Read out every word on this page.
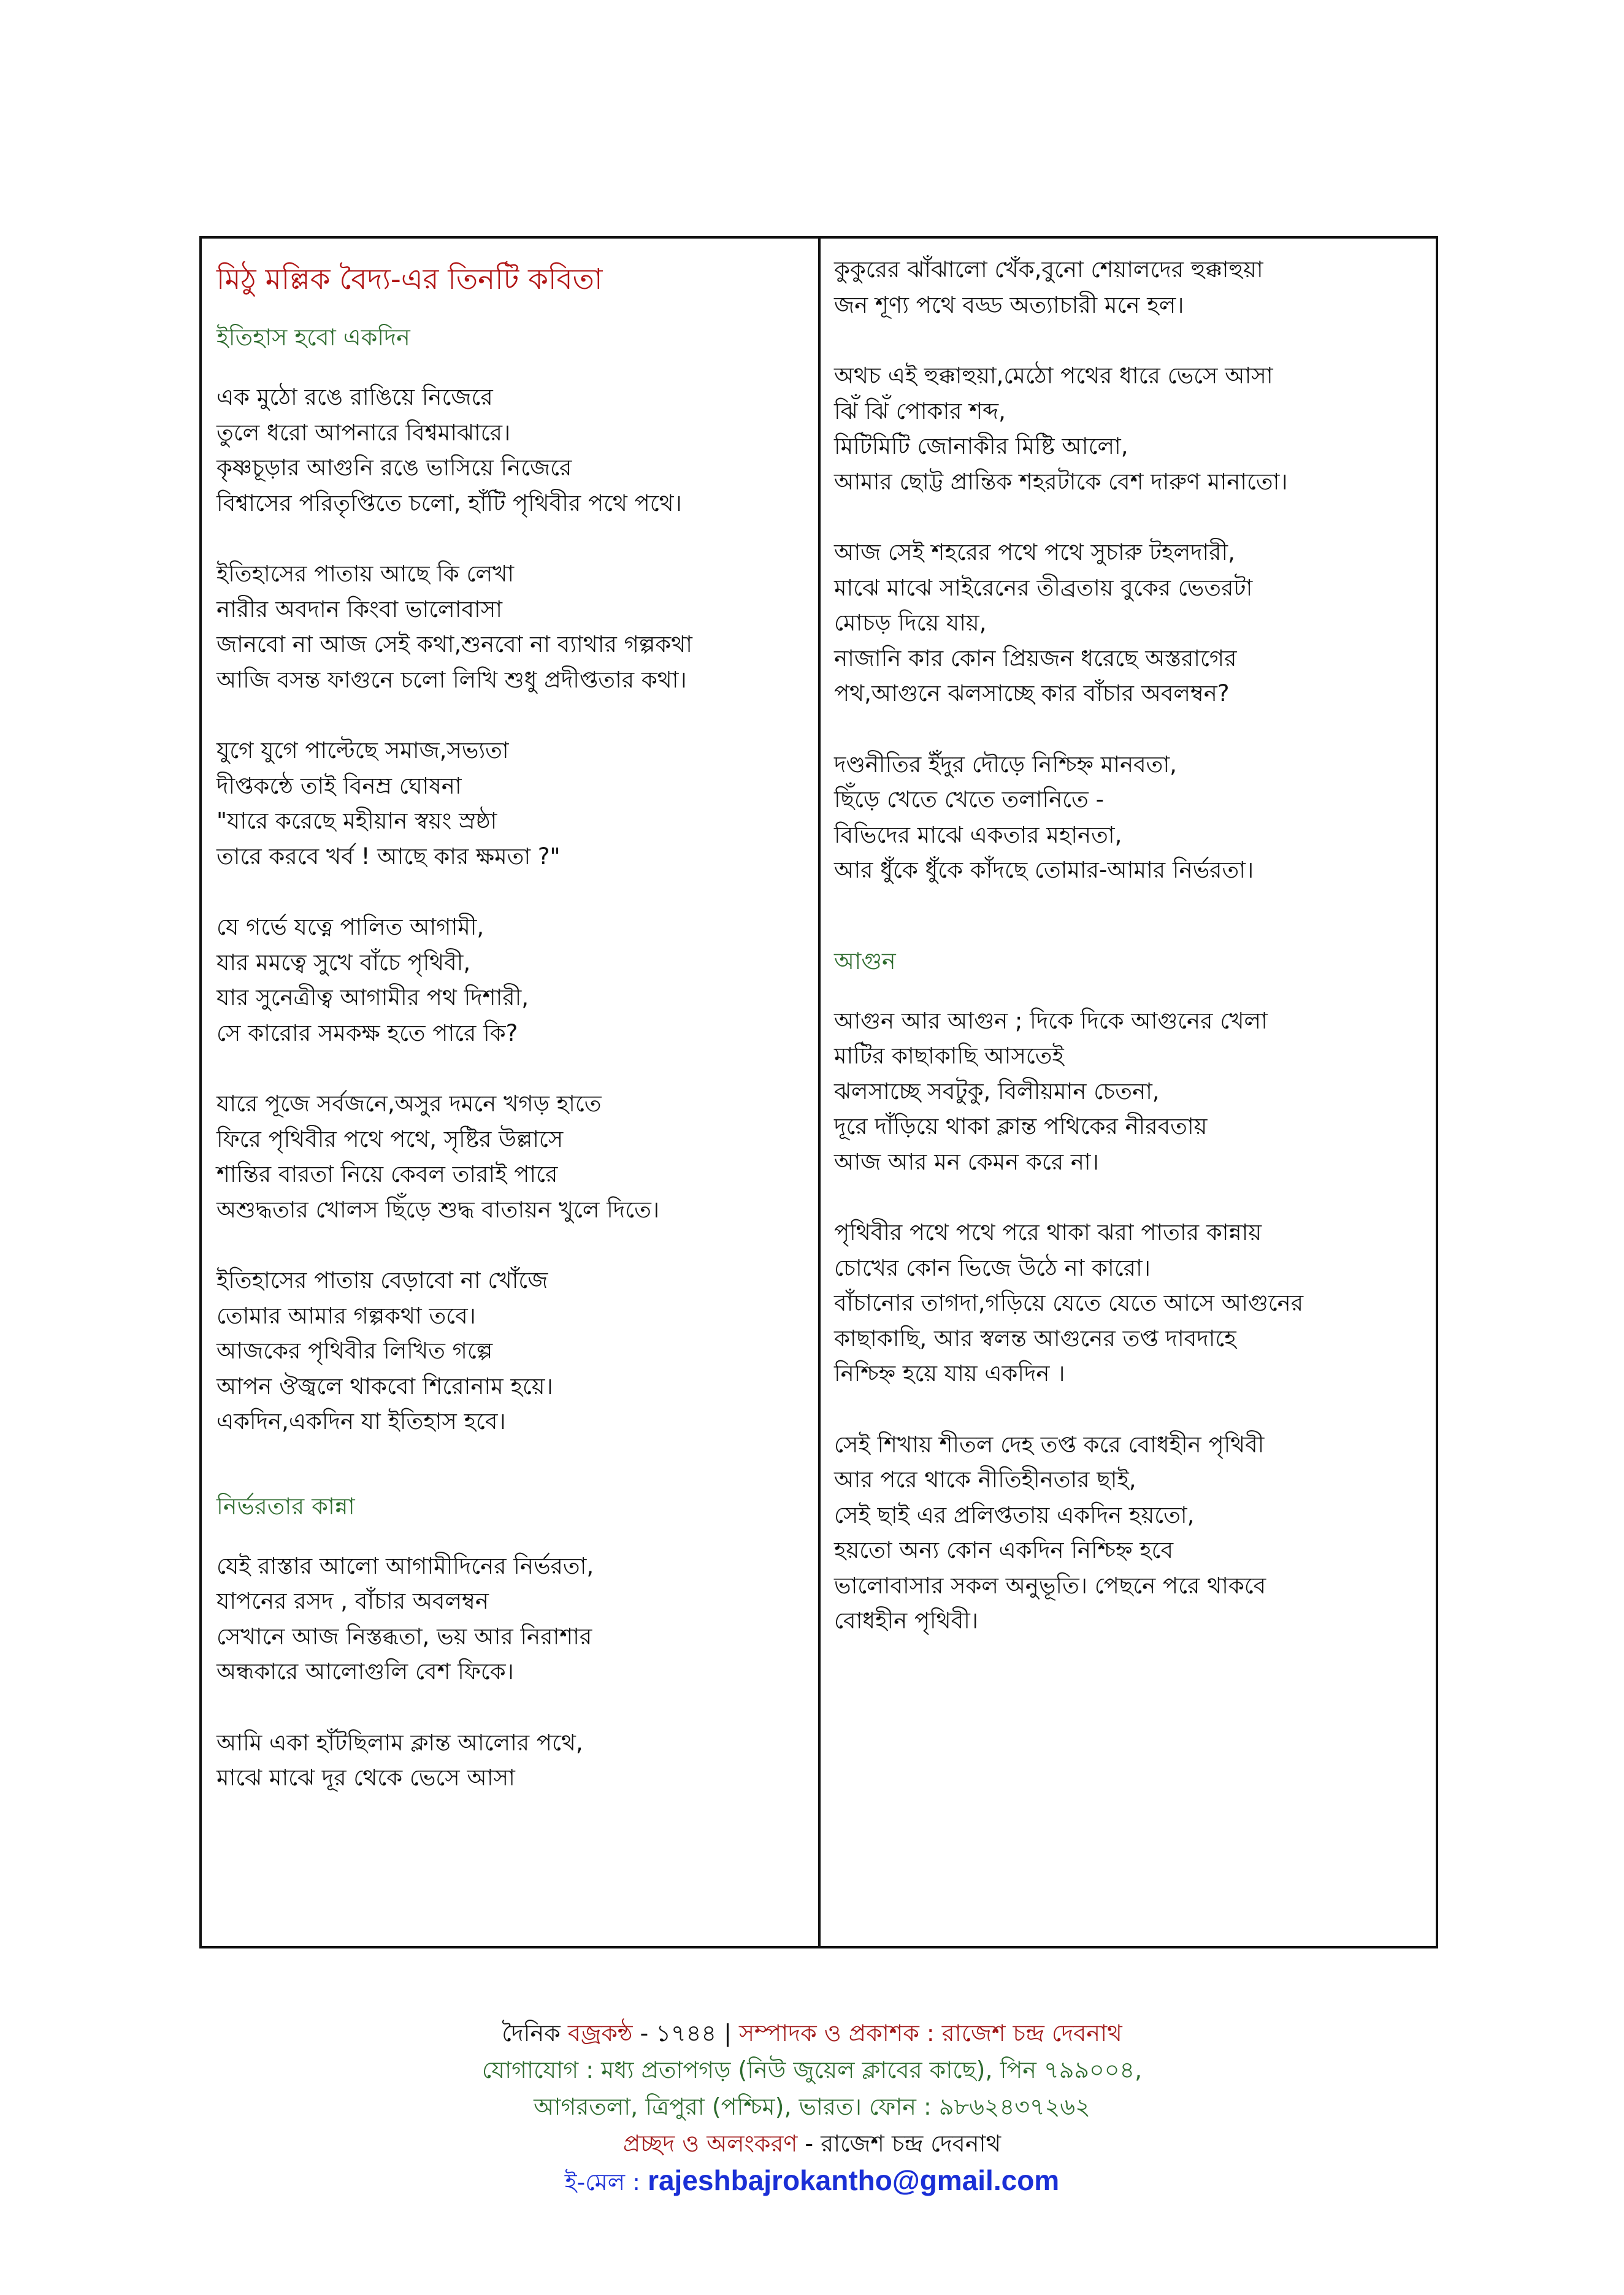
মিঠু মল্লিক বৈদ্য-এর তিনটি কবিতা
ইতিহাস হবো একদিন
এক মুঠো রঙে রাঙিয়ে নিজেরে
তুলে ধরো আপনারে বিশ্বমাঝারে।
কৃষ্ণচূড়ার আগুনি রঙে ভাসিয়ে নিজেরে
বিশ্বাসের পরিতৃপ্তিতে চলো, হাঁটি পৃথিবীর পথে পথে।
ইতিহাসের পাতায় আছে কি লেখা
নারীর অবদান কিংবা ভালোবাসা
জানবো না আজ সেই কথা,শুনবো না ব্যাথার গল্পকথা
আজি বসন্ত ফাগুনে চলো লিখি শুধু প্রদীপ্ততার কথা।
যুগে যুগে পাল্টেছে সমাজ,সভ্যতা
দীপ্তকন্ঠে তাই বিনম্র ঘোষনা
"যারে করেছে মহীয়ান স্বয়ং স্রষ্ঠা
তারে করবে খর্ব ! আছে কার ক্ষমতা ?"
যে গর্ভে যত্নে পালিত আগামী,
যার মমত্বে সুখে বাঁচে পৃথিবী,
যার সুনেত্রীত্ব আগামীর পথ দিশারী,
সে কারোর সমকক্ষ হতে পারে কি?
যারে পূজে সর্বজনে,অসুর দমনে খগড় হাতে
ফিরে পৃথিবীর পথে পথে, সৃষ্টির উল্লাসে
শান্তির বারতা নিয়ে কেবল তারাই পারে
অশুদ্ধতার খোলস ছিঁড়ে শুদ্ধ বাতায়ন খুলে দিতে।
ইতিহাসের পাতায় বেড়াবো না খোঁজে
তোমার আমার গল্পকথা তবে।
আজকের পৃথিবীর লিখিত গল্পে
আপন ঔজ্বলে থাকবো শিরোনাম হয়ে।
একদিন,একদিন যা ইতিহাস হবে।
নির্ভরতার কান্না
যেই রাস্তার আলো আগামীদিনের নির্ভরতা,
যাপনের রসদ , বাঁচার অবলম্বন
সেখানে আজ নিস্তব্ধতা, ভয় আর নিরাশার
অন্ধকারে আলোগুলি বেশ ফিকে।
আমি একা হাঁটছিলাম ক্লান্ত আলোর পথে,
মাঝে মাঝে দূর থেকে ভেসে আসা
কুকুরের ঝাঁঝালো খেঁক,বুনো শেয়ালদের হুক্কাহুয়া
জন শূণ্য পথে বড্ড অত্যাচারী মনে হল।
অথচ এই হুক্কাহুয়া,মেঠো পথের ধারে ভেসে আসা
ঝিঁ ঝিঁ পোকার শব্দ,
মিটিমিটি জোনাকীর মিষ্টি আলো,
আমার ছোট্ট প্রান্তিক শহরটাকে বেশ দারুণ মানাতো।
আজ সেই শহরের পথে পথে সুচারু টহলদারী,
মাঝে মাঝে সাইরেনের তীব্রতায় বুকের ভেতরটা
মোচড় দিয়ে যায়,
নাজানি কার কোন প্রিয়জন ধরেছে অস্তরাগের
পথ,আগুনে ঝলসাচ্ছে কার বাঁচার অবলম্বন?
দণ্ডনীতির ইঁদুর দৌড়ে নিশ্চিহ্ন মানবতা,
ছিঁড়ে খেতে খেতে তলানিতে -
বিভিদের মাঝে একতার মহানতা,
আর ধুঁকে ধুঁকে কাঁদছে তোমার-আমার নির্ভরতা।
আগুন
আগুন আর আগুন ; দিকে দিকে আগুনের খেলা
মাটির কাছাকাছি আসতেই
ঝলসাচ্ছে সবটুকু, বিলীয়মান চেতনা,
দূরে দাঁড়িয়ে থাকা ক্লান্ত পথিকের নীরবতায়
আজ আর মন কেমন করে না।
পৃথিবীর পথে পথে পরে থাকা ঝরা পাতার কান্নায়
চোখের কোন ভিজে উঠে না কারো।
বাঁচানোর তাগদা,গড়িয়ে যেতে যেতে আসে আগুনের
কাছাকাছি, আর স্বলন্ত আগুনের তপ্ত দাবদাহে
নিশ্চিহ্ন হয়ে যায় একদিন ।
সেই শিখায় শীতল দেহ তপ্ত করে বোধহীন পৃথিবী
আর পরে থাকে নীতিহীনতার ছাই,
সেই ছাই এর প্রলিপ্ততায় একদিন হয়তো,
হয়তো অন্য কোন একদিন নিশ্চিহ্ন হবে
ভালোবাসার সকল অনুভূতি। পেছনে পরে থাকবে
বোধহীন পৃথিবী।
দৈনিক বজ্রকন্ঠ - ১৭৪৪ | সম্পাদক ও প্রকাশক : রাজেশ চন্দ্র দেবনাথ
যোগাযোগ : মধ্য প্রতাপগড় (নিউ জুয়েল ক্লাবের কাছে), পিন ৭৯৯০০৪,
আগরতলা, ত্রিপুরা (পশ্চিম), ভারত। ফোন : ৯৮৬২৪৩৭২৬২
প্রচ্ছদ ও অলংকরণ - রাজেশ চন্দ্র দেবনাথ
ই-মেল : rajeshbajrokantho@gmail.com
